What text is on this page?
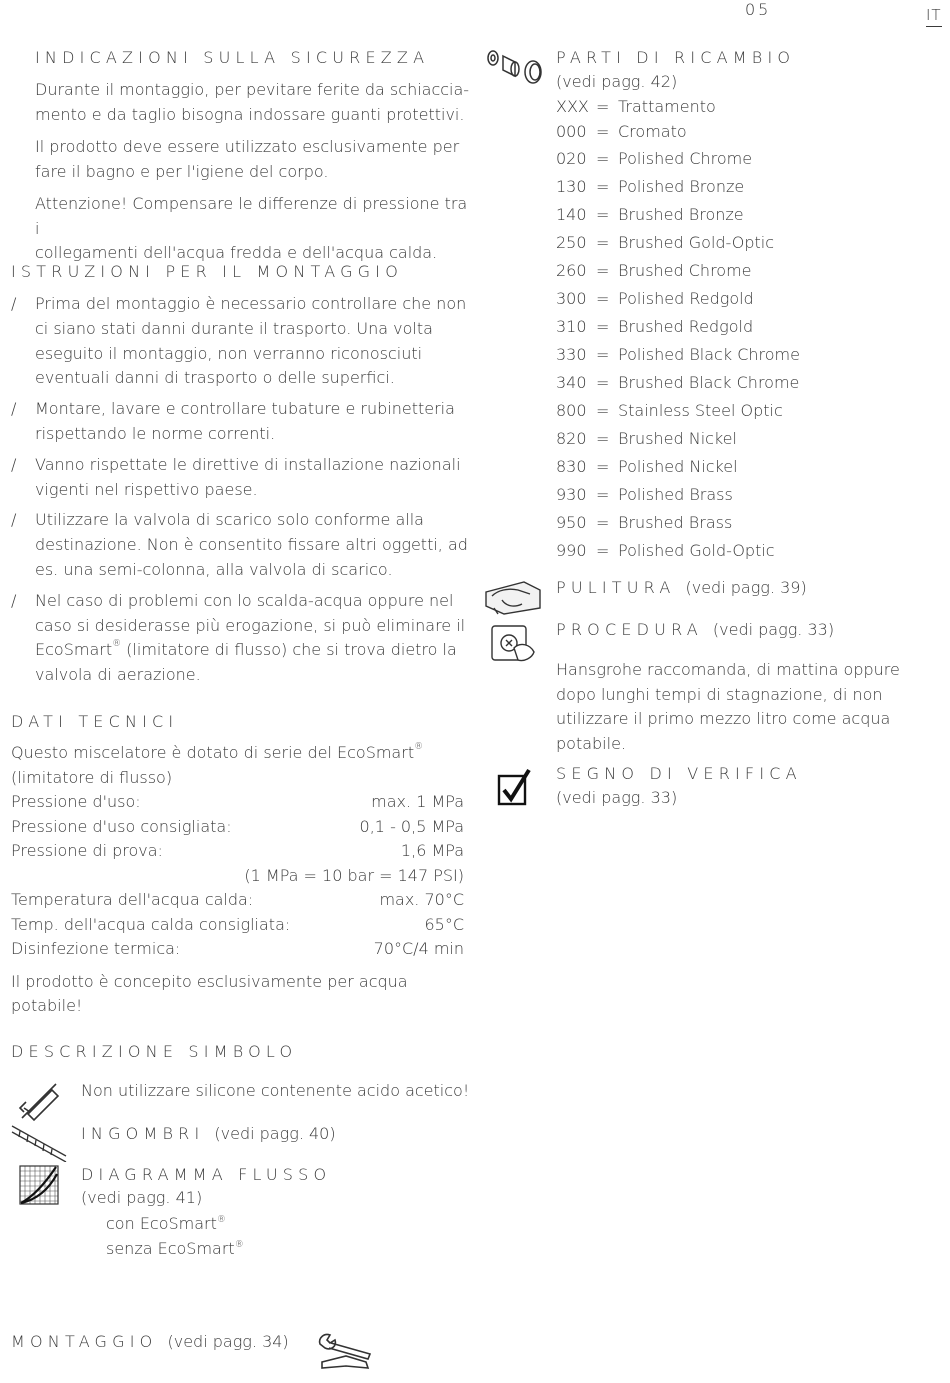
05	IT
INDICAZIONI SULLA SICUREZZA

Durante il montaggio, per pevitare ferite da schiaccia-

mento e da taglio bisogna indossare guanti protettivi.

Il prodotto deve essere utilizzato esclusivamente per

fare il bagno e per l'igiene del corpo.

Attenzione! Compensare le differenze di pressione tra i

collegamenti dell'acqua fredda e dell'acqua calda.

ISTRUZIONI PER IL MONTAGGIO
/ Prima del montaggio è necessario controllare che non
ci siano stati danni durante il trasporto. Una volta
eseguito il montaggio, non verranno riconosciuti
eventuali danni di trasporto o delle superfici.
/ Montare, lavare e controllare tubature e rubinetteria
rispettando le norme correnti.
/ Vanno rispettate le direttive di installazione nazionali
vigenti nel rispettivo paese.
/ Utilizzare la valvola di scarico solo conforme alla
destinazione. Non è consentito fissare altri oggetti, ad
es. una semi-colonna, alla valvola di scarico.
/ Nel caso di problemi con lo scalda-acqua oppure nel
caso si desiderasse più erogazione, si può eliminare il
EcoSmart® (limitatore di flusso) che si trova dietro la
valvola di aerazione.
DATI TECNICI

Questo miscelatore è dotato di serie del EcoSmart®

(limitatore di flusso)

Pressione d'uso:	max. 1 MPa
Pressione d'uso consigliata:	0,1 - 0,5 MPa
Pressione di prova:	1,6 MPa
(1 MPa = 10 bar = 147 PSI)
Temperatura dell'acqua calda:	max. 70°C
Temp. dell'acqua calda consigliata:	65°C
Disinfezione termica:	70°C/4 min

Il prodotto è concepito esclusivamente per acqua

potabile!

DESCRIZIONE SIMBOLO
Non utilizzare silicone contenente acido acetico!
INGOMBRI (vedi pagg. 40)
DIAGRAMMA FLUSSO
(vedi pagg. 41)
con EcoSmart®
senza EcoSmart®
MONTAGGIO (vedi pagg. 34)
PARTI DI RICAMBIO
(vedi pagg. 42)
XXX = Trattamento
000 = Cromato
020 = Polished Chrome
130 = Polished Bronze
140 = Brushed Bronze
250 = Brushed Gold-Optic
260 = Brushed Chrome
300 = Polished Redgold
310 = Brushed Redgold
330 = Polished Black Chrome
340 = Brushed Black Chrome
800 = Stainless Steel Optic
820 = Brushed Nickel
830 = Polished Nickel
930 = Polished Brass
950 = Brushed Brass
990 = Polished Gold-Optic
PULITURA (vedi pagg. 39)
PROCEDURA (vedi pagg. 33)

Hansgrohe raccomanda, di mattina oppure

dopo lunghi tempi di stagnazione, di non

utilizzare il primo mezzo litro come acqua

potabile.

SEGNO DI VERIFICA
(vedi pagg. 33)
